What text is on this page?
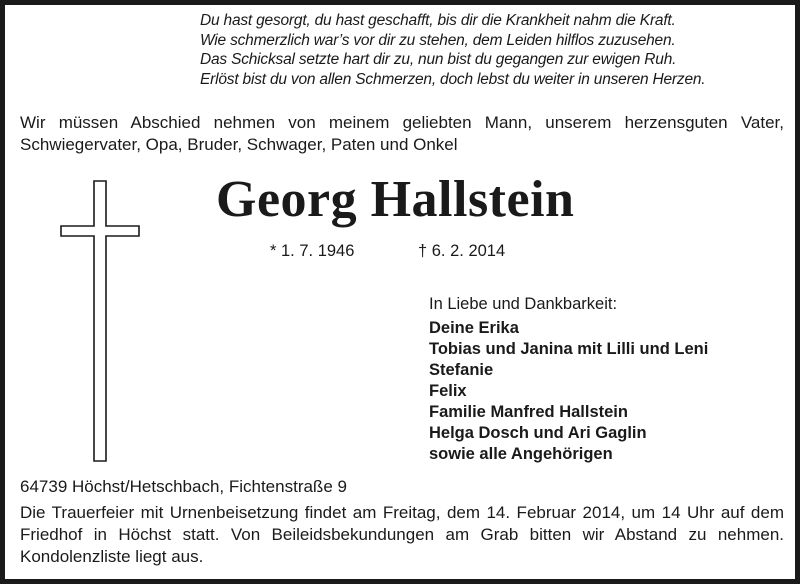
Du hast gesorgt, du hast geschafft, bis dir die Krankheit nahm die Kraft.
Wie schmerzlich war’s vor dir zu stehen, dem Leiden hilflos zuzusehen.
Das Schicksal setzte hart dir zu, nun bist du gegangen zur ewigen Ruh.
Erlöst bist du von allen Schmerzen, doch lebst du weiter in unseren Herzen.
Wir müssen Abschied nehmen von meinem geliebten Mann, unserem herzensguten Vater,
Schwiegervater, Opa, Bruder, Schwager, Paten und Onkel
Georg Hallstein
* 1. 7. 1946	† 6. 2. 2014
In Liebe und Dankbarkeit:
Deine Erika
Tobias und Janina mit Lilli und Leni
Stefanie
Felix
Familie Manfred Hallstein
Helga Dosch und Ari Gaglin
sowie alle Angehörigen
64739 Höchst/Hetschbach, Fichtenstraße 9
Die Trauerfeier mit Urnenbeisetzung findet am Freitag, dem 14. Februar 2014, um 14 Uhr auf dem Friedhof in Höchst statt. Von Beileidsbekundungen am Grab bitten wir Abstand zu nehmen. Kondolenzliste liegt aus.
